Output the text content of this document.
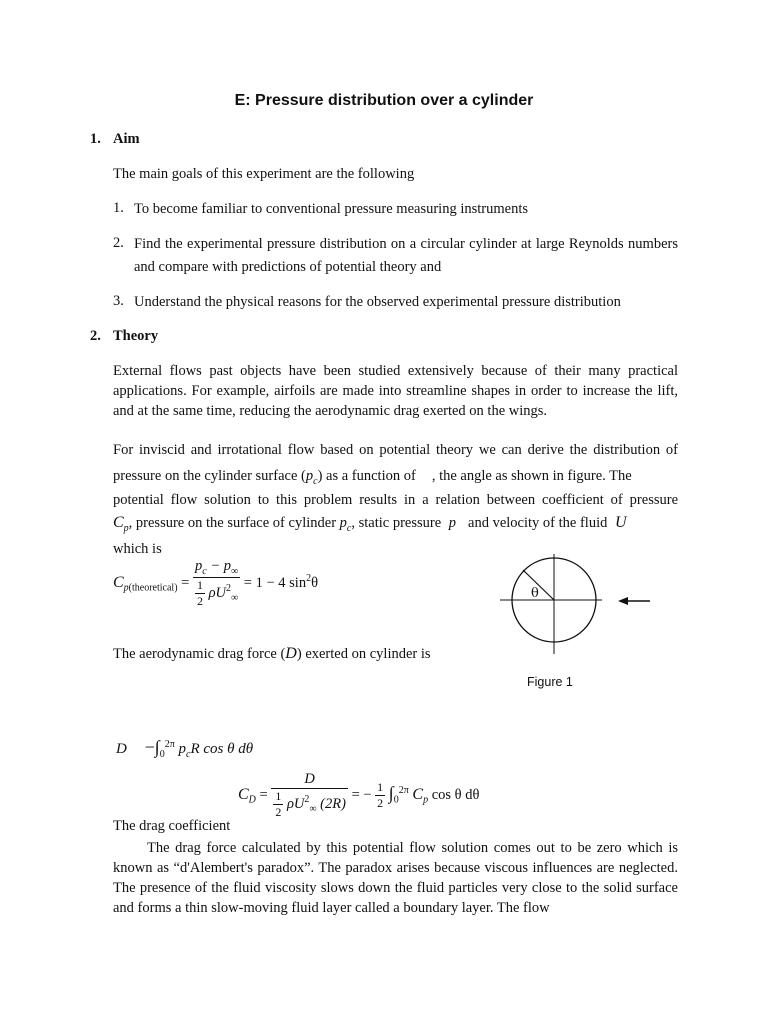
E: Pressure distribution over a cylinder
1. Aim
The main goals of this experiment are the following
1. To become familiar to conventional pressure measuring instruments
2. Find the experimental pressure distribution on a circular cylinder at large Reynolds numbers and compare with predictions of potential theory and
3. Understand the physical reasons for the observed experimental pressure distribution
2. Theory
External flows past objects have been studied extensively because of their many practical applications. For example, airfoils are made into streamline shapes in order to increase the lift, and at the same time, reducing the aerodynamic drag exerted on the wings.
For inviscid and irrotational flow based on potential theory we can derive the distribution of
pressure on the cylinder surface $(p_c)$ as a function of , the angle as shown in figure. The
potential flow solution to this problem results in a relation between coefficient of pressure
$C_p$, pressure on the surface of cylinder $p_c$, static pressure p and velocity of the fluid U
which is
$C_{p(theoretical)} = \frac{p_c - p_\infty}{\frac{1}{2} \rho U^2_\infty} = 1 - 4$ $\sin^2\theta$
θ
The aerodynamic drag force (D) exerted on cylinder is
Figure 1
$D -\int_0^{2\pi}$ $p_cR$ cos θ dθ
$C_D = \frac{D}{\frac{1}{2} \rho U^2_\infty (2R)}$ = − $\frac{1}{2} \int_0^{2\pi}$ $C_p$ cos θ dθ
The drag coefficient
The drag force calculated by this potential flow solution comes out to be zero which is known as “d'Alembert's paradox”. The paradox arises because viscous influences are neglected. The presence of the fluid viscosity slows down the fluid particles very close to the solid surface and forms a thin slow-moving fluid layer called a boundary layer. The flow
